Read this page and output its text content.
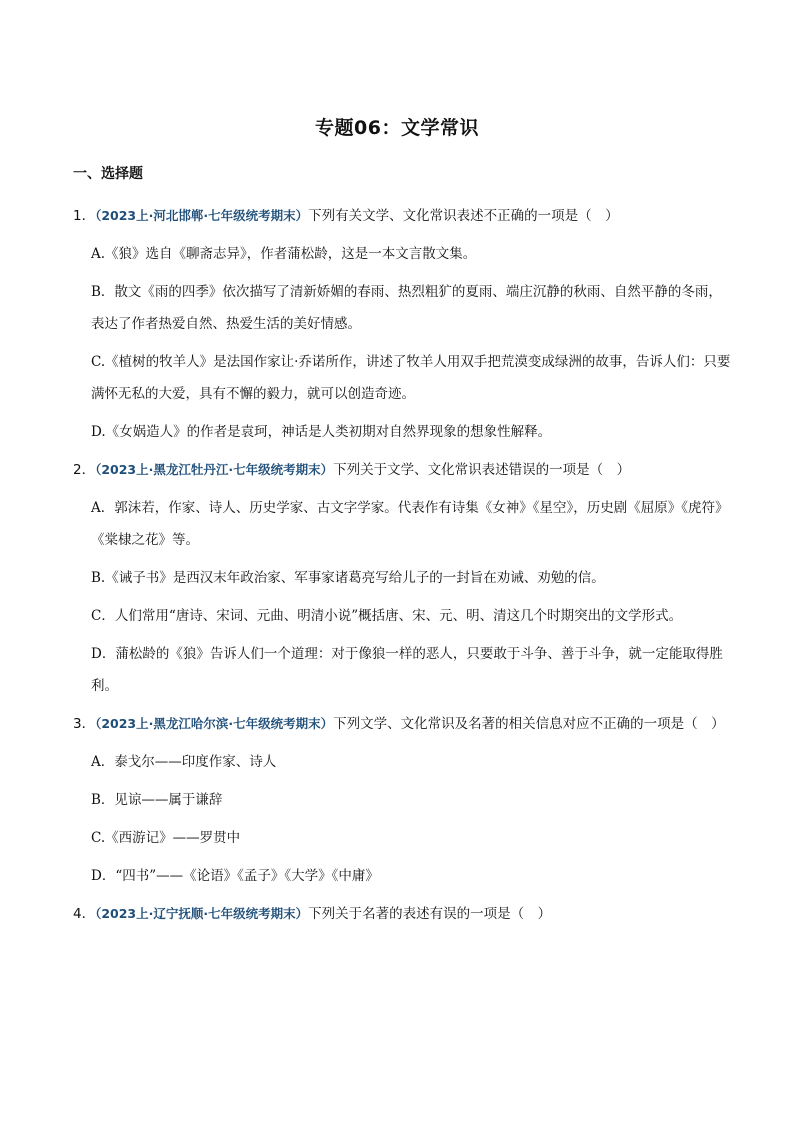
专题06：文学常识
一、选择题

1．（2023上·河北邯郸·七年级统考期末）下列有关文学、文化常识表述不正确的一项是（　）

A.《狼》选自《聊斋志异》，作者蒲松龄，这是一本文言散文集。

B．散文《雨的四季》依次描写了清新娇媚的春雨、热烈粗犷的夏雨、端庄沉静的秋雨、自然平静的冬雨，表达了作者热爱自然、热爱生活的美好情感。

C.《植树的牧羊人》是法国作家让·乔诺所作，讲述了牧羊人用双手把荒漠变成绿洲的故事，告诉人们：只要满怀无私的大爱，具有不懈的毅力，就可以创造奇迹。

D.《女娲造人》的作者是袁珂，神话是人类初期对自然界现象的想象性解释。

2．（2023上·黑龙江牡丹江·七年级统考期末）下列关于文学、文化常识表述错误的一项是（　）

A．郭沫若，作家、诗人、历史学家、古文字学家。代表作有诗集《女神》《星空》，历史剧《屈原》《虎符》《棠棣之花》等。

B.《诫子书》是西汉末年政治家、军事家诸葛亮写给儿子的一封旨在劝诫、劝勉的信。

C．人们常用“唐诗、宋词、元曲、明清小说”概括唐、宋、元、明、清这几个时期突出的文学形式。

D．蒲松龄的《狼》告诉人们一个道理：对于像狼一样的恶人，只要敢于斗争、善于斗争，就一定能取得胜利。

3．（2023上·黑龙江哈尔滨·七年级统考期末）下列文学、文化常识及名著的相关信息对应不正确的一项是（　）

A．泰戈尔——印度作家、诗人

B．见谅——属于谦辞

C.《西游记》——罗贯中

D．“四书”——《论语》《孟子》《大学》《中庸》

4．（2023上·辽宁抚顺·七年级统考期末）下列关于名著的表述有误的一项是（　）
